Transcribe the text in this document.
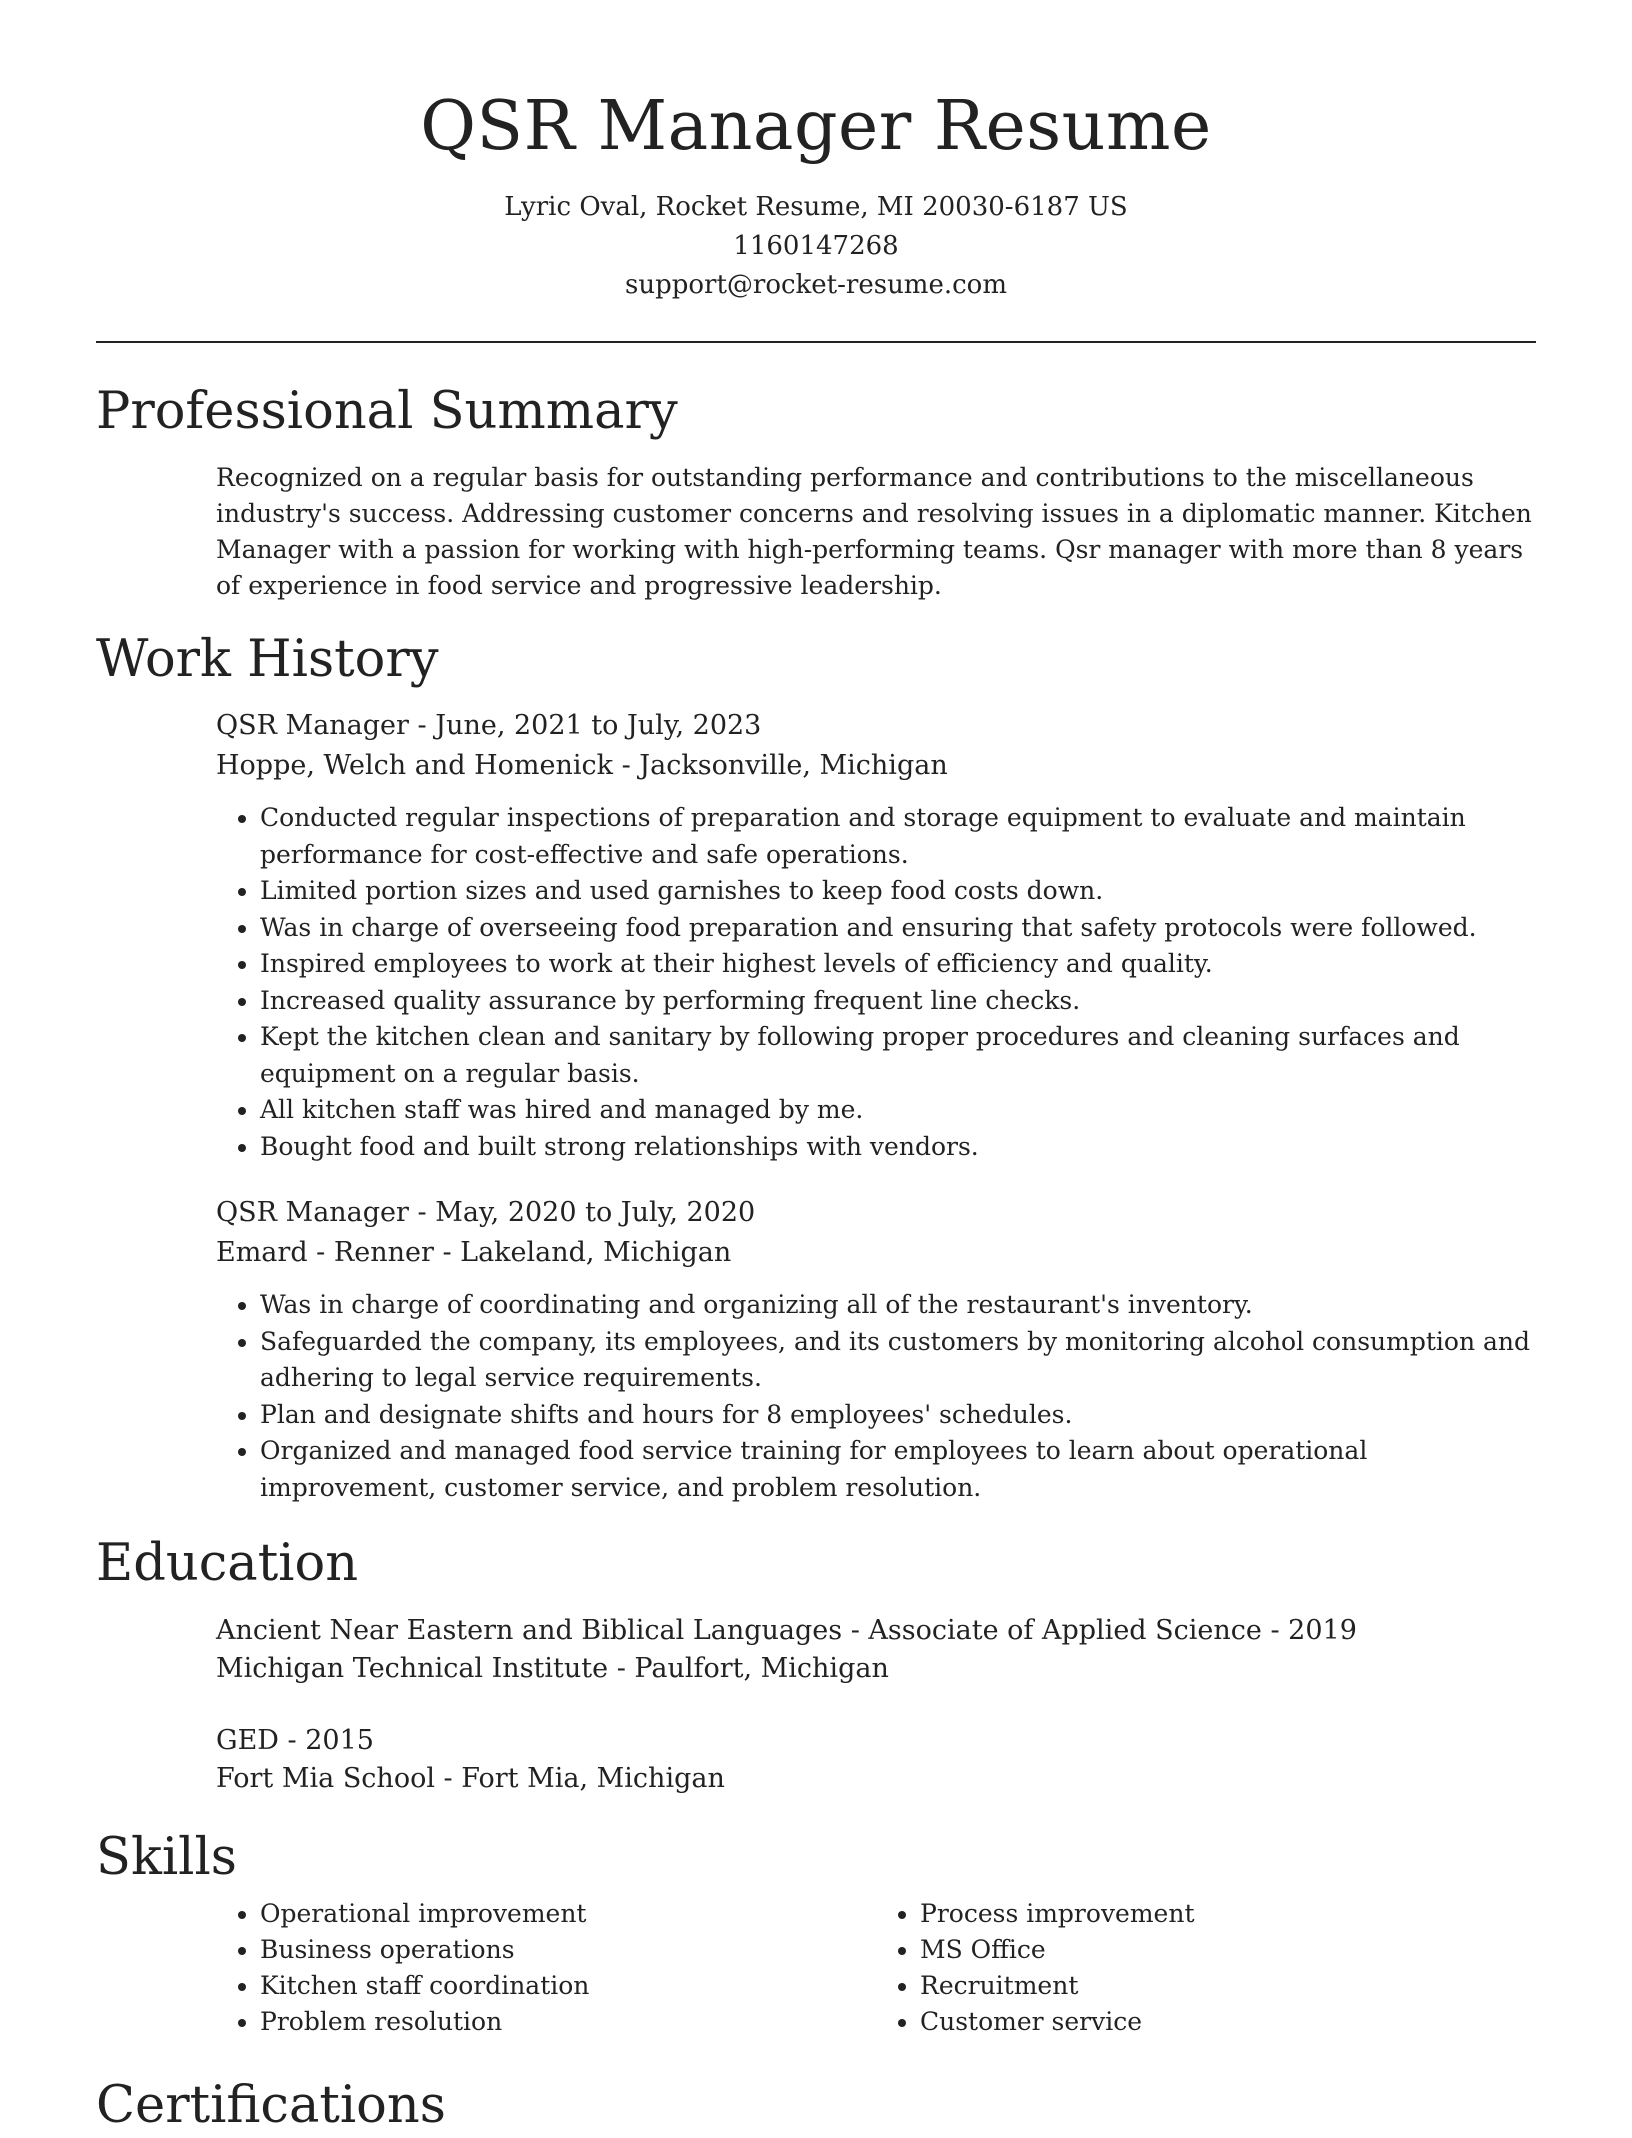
QSR Manager Resume
Lyric Oval, Rocket Resume, MI 20030-6187 US
1160147268
support@rocket-resume.com
Professional Summary
Recognized on a regular basis for outstanding performance and contributions to the miscellaneous industry's success. Addressing customer concerns and resolving issues in a diplomatic manner. Kitchen Manager with a passion for working with high-performing teams. Qsr manager with more than 8 years of experience in food service and progressive leadership.
Work History
QSR Manager - June, 2021 to July, 2023
Hoppe, Welch and Homenick - Jacksonville, Michigan
• Conducted regular inspections of preparation and storage equipment to evaluate and maintain performance for cost-effective and safe operations.
• Limited portion sizes and used garnishes to keep food costs down.
• Was in charge of overseeing food preparation and ensuring that safety protocols were followed.
• Inspired employees to work at their highest levels of efficiency and quality.
• Increased quality assurance by performing frequent line checks.
• Kept the kitchen clean and sanitary by following proper procedures and cleaning surfaces and equipment on a regular basis.
• All kitchen staff was hired and managed by me.
• Bought food and built strong relationships with vendors.
QSR Manager - May, 2020 to July, 2020
Emard - Renner - Lakeland, Michigan
• Was in charge of coordinating and organizing all of the restaurant's inventory.
• Safeguarded the company, its employees, and its customers by monitoring alcohol consumption and adhering to legal service requirements.
• Plan and designate shifts and hours for 8 employees' schedules.
• Organized and managed food service training for employees to learn about operational improvement, customer service, and problem resolution.
Education
Ancient Near Eastern and Biblical Languages - Associate of Applied Science - 2019
Michigan Technical Institute - Paulfort, Michigan
GED - 2015
Fort Mia School - Fort Mia, Michigan
Skills
• Operational improvement
• Business operations
• Kitchen staff coordination
• Problem resolution
• Process improvement
• MS Office
• Recruitment
• Customer service
Certifications
